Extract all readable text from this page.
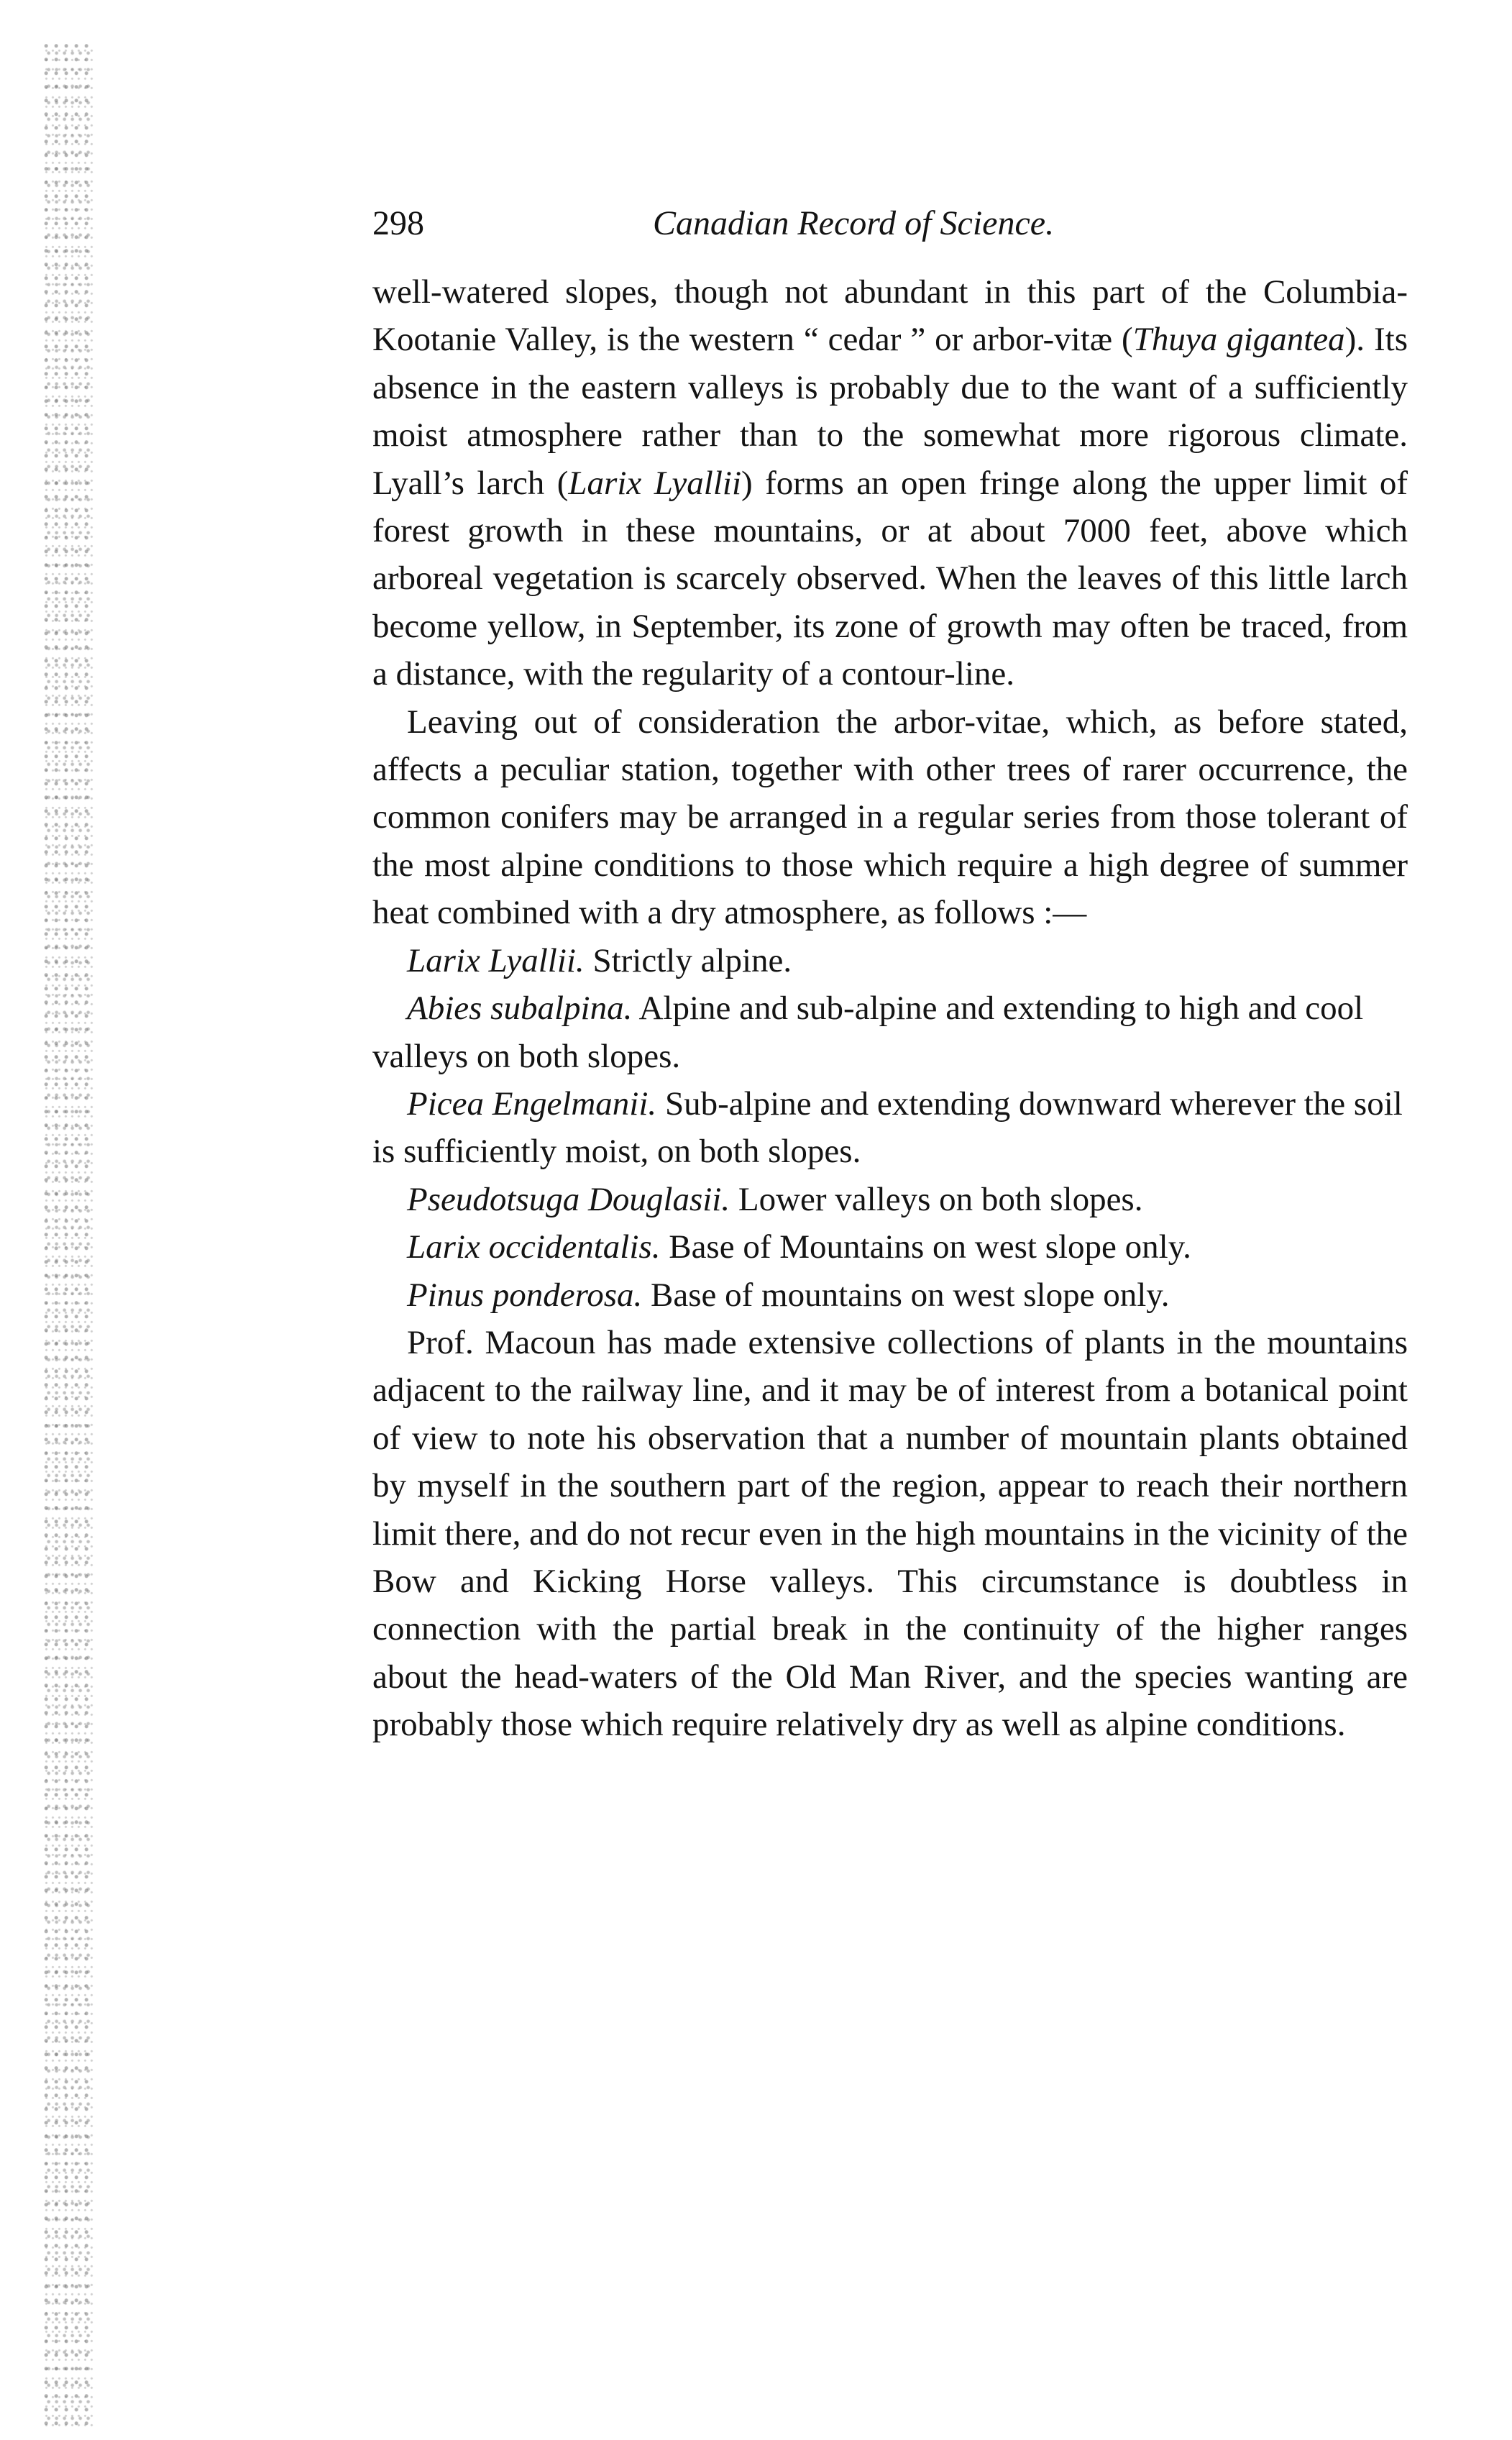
298	Canadian Record of Science.

well-watered slopes, though not abundant in this part of the Columbia-Kootanie Valley, is the western “ cedar ” or arbor-vitæ (Thuya gigantea). Its absence in the eastern valleys is probably due to the want of a sufficiently moist atmosphere rather than to the somewhat more rigorous climate. Lyall’s larch (Larix Lyallii) forms an open fringe along the upper limit of forest growth in these mountains, or at about 7000 feet, above which arboreal vegetation is scarcely observed. When the leaves of this little larch become yellow, in September, its zone of growth may often be traced, from a distance, with the regularity of a contour-line.

Leaving out of consideration the arbor-vitae, which, as before stated, affects a peculiar station, together with other trees of rarer occurrence, the common conifers may be arranged in a regular series from those tolerant of the most alpine conditions to those which require a high degree of summer heat combined with a dry atmosphere, as follows :—

Larix Lyallii. Strictly alpine.
Abies subalpina. Alpine and sub-alpine and extending to high and cool valleys on both slopes.
Picea Engelmanii. Sub-alpine and extending downward wherever the soil is sufficiently moist, on both slopes.
Pseudotsuga Douglasii. Lower valleys on both slopes.
Larix occidentalis. Base of Mountains on west slope only.
Pinus ponderosa. Base of mountains on west slope only.

Prof. Macoun has made extensive collections of plants in the mountains adjacent to the railway line, and it may be of interest from a botanical point of view to note his observation that a number of mountain plants obtained by myself in the southern part of the region, appear to reach their northern limit there, and do not recur even in the high mountains in the vicinity of the Bow and Kicking Horse valleys. This circumstance is doubtless in connection with the partial break in the continuity of the higher ranges about the head-waters of the Old Man River, and the species wanting are probably those which require relatively dry as well as alpine conditions.
